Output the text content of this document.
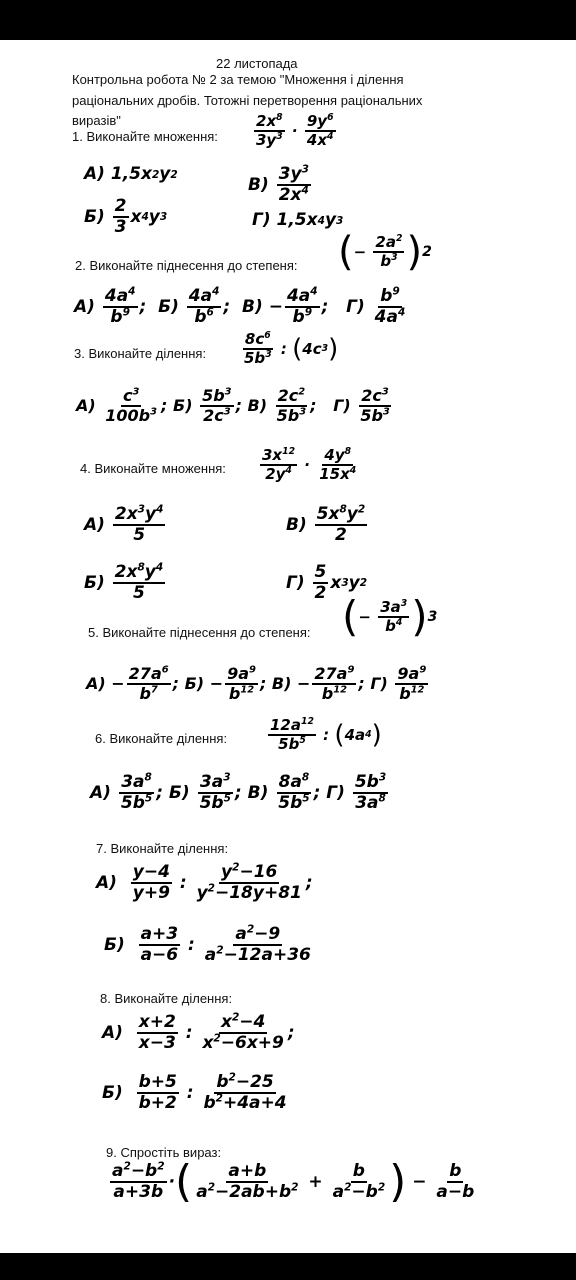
22 листопада
Контрольна робота № 2 за темою "Множення і ділення
раціональних дробів. Тотожні перетворення раціональних
виразів"
1. Виконайте множення:
$2x^8$
$3y^3$ ·
$9y^6$
$4x^4$
A) 1,5x 2 y 2	B)
$3y^3$
$2x^4$
Б)
2
3
x 4 y 3	Г) 1,5x 4 y 3
2. Виконайте піднесення до степеня: ( −
$2a^2$
$b^3$ ) 2
A)
$4a^4$
$b^9$ ;  Б)
$4a^4$
$b^6$ ;  B) −
$4a^4$
$b^9$ ;   Г)
$b^9$
$4a^4$
3. Виконайте ділення:
$8c^6$
$5b^3$ : ( 4c 3 )
A)
$c^3$
$100b^3$ ; Б)
$5b^3$
$2c^3$ ; B)
$2c^2$
$5b^3$ ;   Г)
$2c^3$
$5b^3$
4. Виконайте множення:
$3x^{12}$
$2y^4$ ·
$4y^8$
$15x^4$
A)
$2x^3y^4$
5
B)
$5x^8y^2$
2
Б)
$2x^8y^4$
5
Г)
5
2
x 3 y 2
5. Виконайте піднесення до степеня: ( −
$3a^3$
$b^4$ ) 3
A) −
$27a^6$
$b^7$ ; Б) −
$9a^9$
$b^{12}$ ; B) −
$27a^9$
$b^{12}$ ; Г)
$9a^9$
$b^{12}$
6. Виконайте ділення:
$12a^{12}$
$5b^5$ : ( 4a 4 )
A)
$3a^8$
$5b^5$ ; Б)
$3a^3$
$5b^5$ ; B)
$8a^8$
$5b^5$ ; Г)
$5b^3$
$3a^8$
7. Виконайте ділення:
A)
y−4
y+9
:
$y^2-16$
$y^2-18y+81$
;
Б)
a+3
a−6
:
$a^2-9$
$a^2-12a+36$
8. Виконайте ділення:
A)
x+2
x−3
:
$x^2-4$
$x^2-6x+9$
;
Б)
b+5
b+2
:
$b^2-25$
$b^2+4a+4$
9. Спростіть вираз:
$a^2-b^2$
a+3b
· ( a+b
$a^2-2ab+b^2$ +
b
$a^2-b^2$ ) −
b
a−b
